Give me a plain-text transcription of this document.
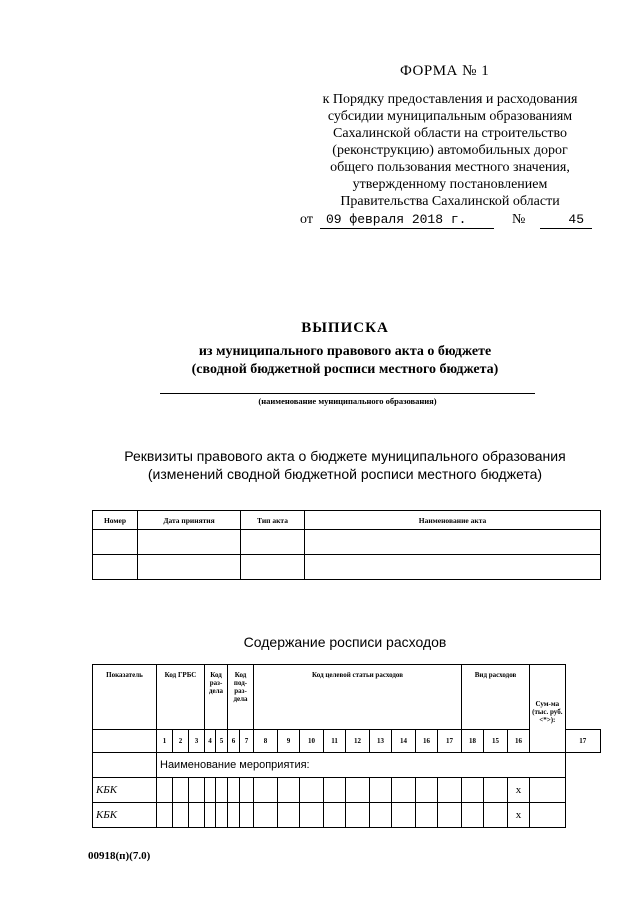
ФОРМА № 1
к Порядку предоставления и расходования
субсидии муниципальным образованиям
Сахалинской области на строительство
(реконструкцию) автомобильных дорог
общего пользования местного значения,
утвержденному постановлением
Правительства Сахалинской области
от	09 февраля 2018 г.	№	45
ВЫПИСКА
из муниципального правового акта о бюджете
(сводной бюджетной росписи местного бюджета)
(наименование муниципального образования)
Реквизиты правового акта о бюджете муниципального образования
(изменений сводной бюджетной росписи местного бюджета)
Номер	Дата принятия	Тип акта	Наименование акта

Содержание росписи расходов
Показатель	Код ГРБС			Код раз-дела		Код под-раз-дела		Код целевой статьи расходов									Вид расходов			Сум-ма (тыс. руб. <*>):	
	1	2	3	4	5	6	7	8	9	10	11	12	13	14	16	17	18	15	16		17
	Наименование мероприятия:																				
КБК																			x		
КБК																			x		
00918(п)(7.0)
